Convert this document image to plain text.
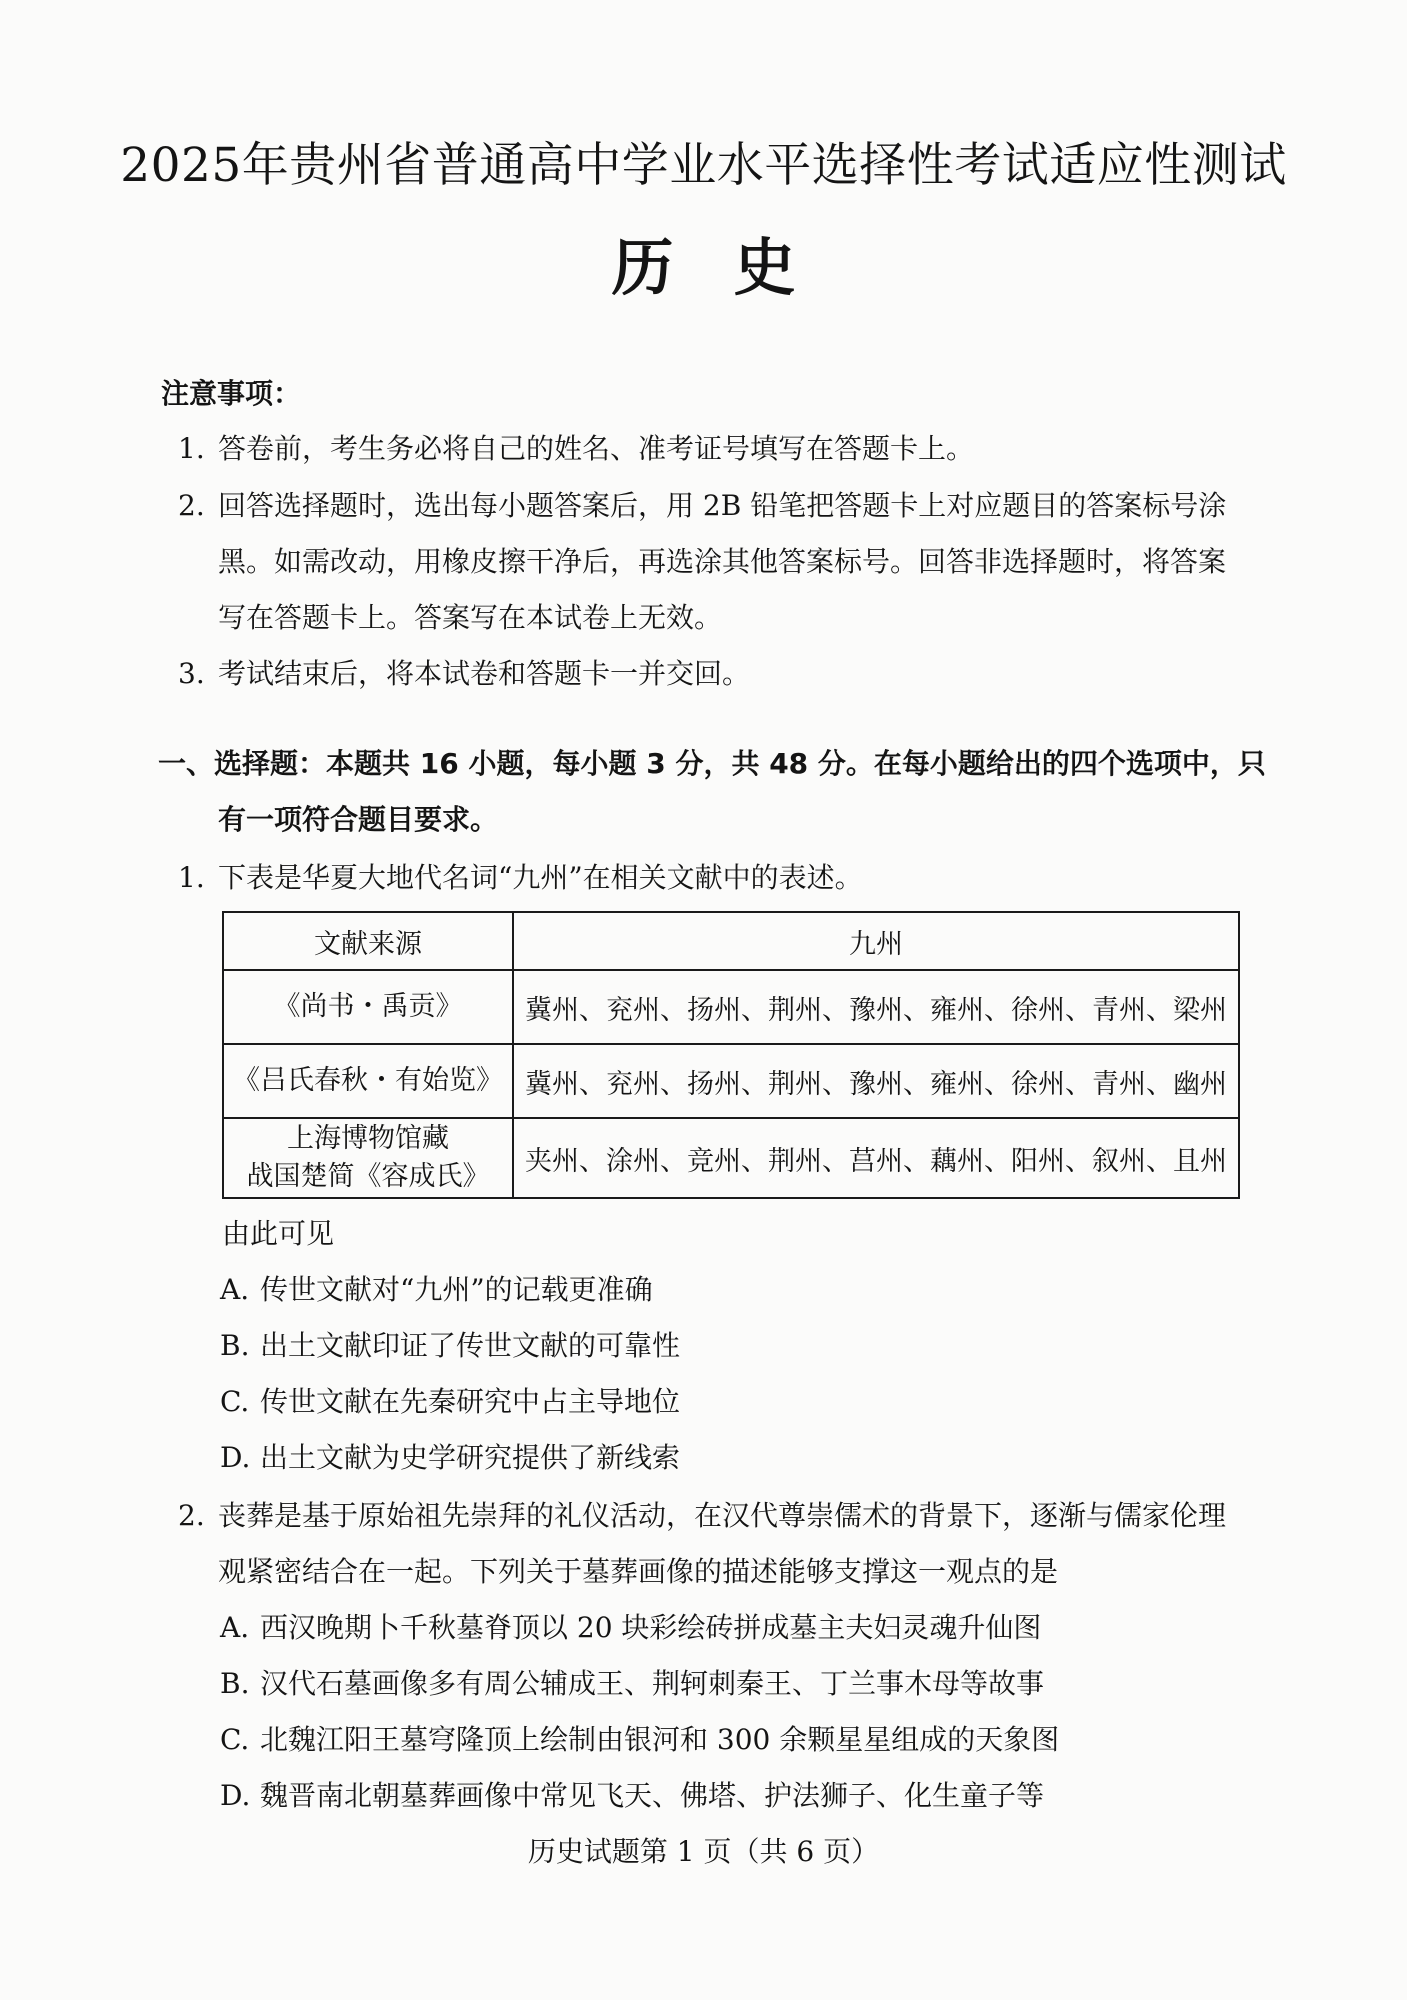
2025年贵州省普通高中学业水平选择性考试适应性测试
历史
注意事项：
1. 答卷前，考生务必将自己的姓名、准考证号填写在答题卡上。
2. 回答选择题时，选出每小题答案后，用 2B 铅笔把答题卡上对应题目的答案标号涂
黑。如需改动，用橡皮擦干净后，再选涂其他答案标号。回答非选择题时，将答案
写在答题卡上。答案写在本试卷上无效。
3. 考试结束后，将本试卷和答题卡一并交回。
一、选择题：本题共 16 小题，每小题 3 分，共 48 分。在每小题给出的四个选项中，只
有一项符合题目要求。
1. 下表是华夏大地代名词“九州”在相关文献中的表述。
文献来源	九州

《尚书・禹贡》	冀州、兖州、扬州、荆州、豫州、雍州、徐州、青州、梁州

《吕氏春秋・有始览》	冀州、兖州、扬州、荆州、豫州、雍州、徐州、青州、幽州

上海博物馆藏
战国楚简《容成氏》	夹州、涂州、竞州、荆州、莒州、藕州、阳州、叙州、且州
由此可见
A. 传世文献对“九州”的记载更准确
B. 出土文献印证了传世文献的可靠性
C. 传世文献在先秦研究中占主导地位
D. 出土文献为史学研究提供了新线索
2. 丧葬是基于原始祖先崇拜的礼仪活动，在汉代尊崇儒术的背景下，逐渐与儒家伦理
观紧密结合在一起。下列关于墓葬画像的描述能够支撑这一观点的是
A. 西汉晚期卜千秋墓脊顶以 20 块彩绘砖拼成墓主夫妇灵魂升仙图
B. 汉代石墓画像多有周公辅成王、荆轲刺秦王、丁兰事木母等故事
C. 北魏江阳王墓穹隆顶上绘制由银河和 300 余颗星星组成的天象图
D. 魏晋南北朝墓葬画像中常见飞天、佛塔、护法狮子、化生童子等
历史试题第 1 页（共 6 页）
